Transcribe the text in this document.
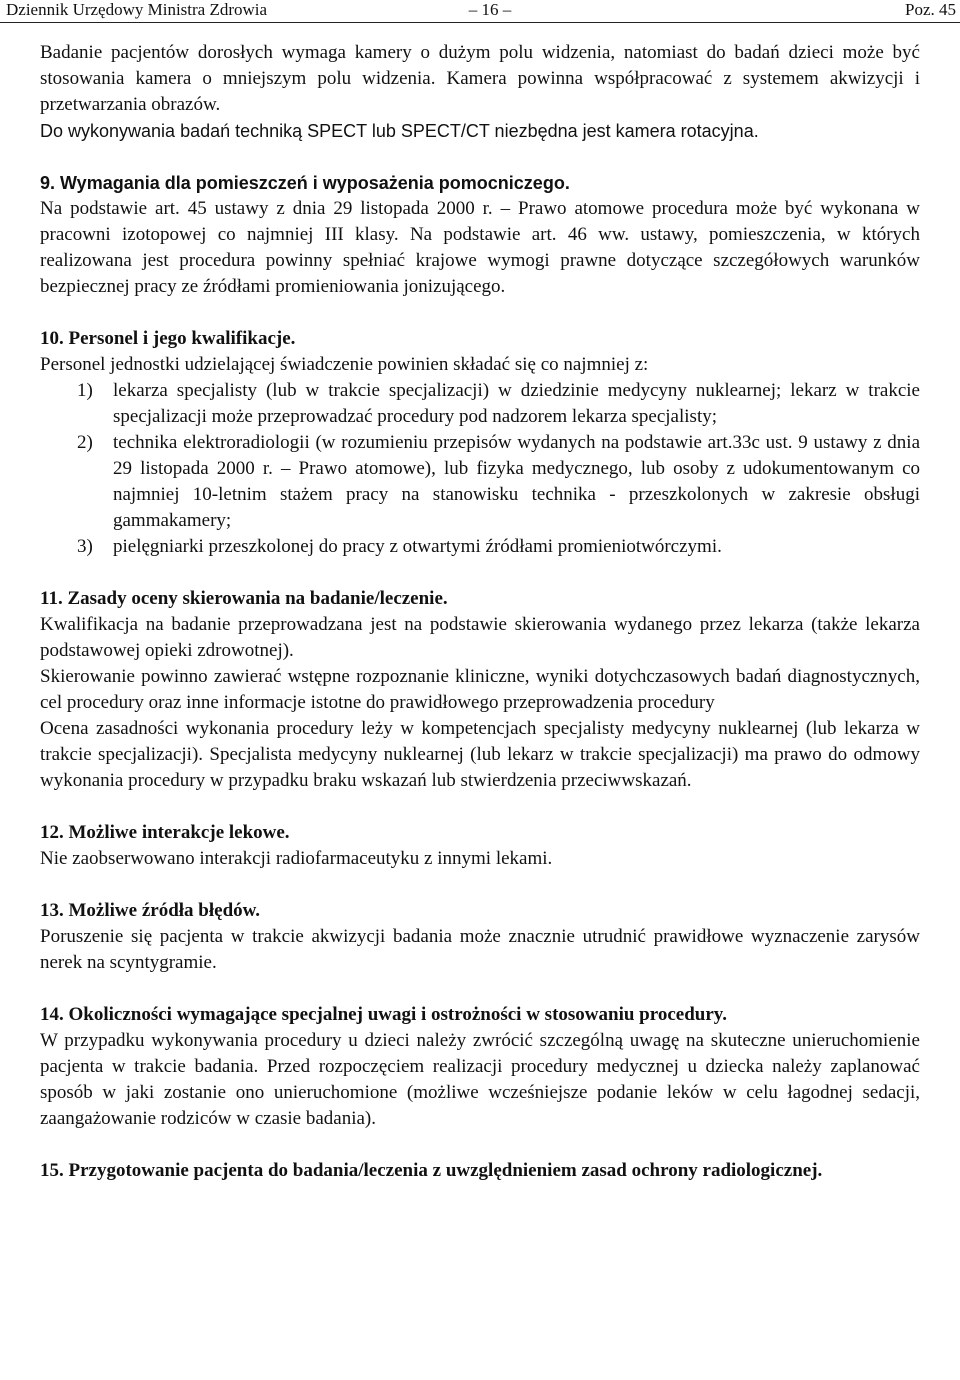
Dziennik Urzędowy Ministra Zdrowia	– 16 –	Poz. 45

Badanie pacjentów dorosłych wymaga kamery o dużym polu widzenia, natomiast do badań dzieci może być stosowania kamera o mniejszym polu widzenia. Kamera powinna współpracować z systemem akwizycji i przetwarzania obrazów.

Do wykonywania badań techniką SPECT lub SPECT/CT niezbędna jest kamera rotacyjna.

9. Wymagania dla pomieszczeń i wyposażenia pomocniczego.

Na podstawie art. 45 ustawy z dnia 29 listopada 2000 r. – Prawo atomowe procedura może być wykonana w pracowni izotopowej co najmniej III klasy. Na podstawie art. 46 ww. ustawy, pomieszczenia, w których realizowana jest procedura powinny spełniać krajowe wymogi prawne dotyczące szczegółowych warunków bezpiecznej pracy ze źródłami promieniowania jonizującego.

10. Personel i jego kwalifikacje.

Personel jednostki udzielającej świadczenie powinien składać się co najmniej z:

1) lekarza specjalisty (lub w trakcie specjalizacji) w dziedzinie medycyny nuklearnej; lekarz w trakcie specjalizacji może przeprowadzać procedury pod nadzorem lekarza specjalisty;
2) technika elektroradiologii (w rozumieniu przepisów wydanych na podstawie art.33c ust. 9 ustawy z dnia 29 listopada 2000 r. – Prawo atomowe), lub fizyka medycznego, lub osoby z udokumentowanym co najmniej 10-letnim stażem pracy na stanowisku technika - przeszkolonych w zakresie obsługi gammakamery;
3) pielęgniarki przeszkolonej do pracy z otwartymi źródłami promieniotwórczymi.

11. Zasady oceny skierowania na badanie/leczenie.

Kwalifikacja na badanie przeprowadzana jest na podstawie skierowania wydanego przez lekarza (także lekarza podstawowej opieki zdrowotnej).

Skierowanie powinno zawierać wstępne rozpoznanie kliniczne, wyniki dotychczasowych badań diagnostycznych, cel procedury oraz inne informacje istotne do prawidłowego przeprowadzenia procedury

Ocena zasadności wykonania procedury leży w kompetencjach specjalisty medycyny nuklearnej (lub lekarza w trakcie specjalizacji). Specjalista medycyny nuklearnej (lub lekarz w trakcie specjalizacji) ma prawo do odmowy wykonania procedury w przypadku braku wskazań lub stwierdzenia przeciwwskazań.

12. Możliwe interakcje lekowe.

Nie zaobserwowano interakcji radiofarmaceutyku z innymi lekami.

13. Możliwe źródła błędów.

Poruszenie się pacjenta w trakcie akwizycji badania może znacznie utrudnić prawidłowe wyznaczenie zarysów nerek na scyntygramie.

14. Okoliczności wymagające specjalnej uwagi i ostrożności w stosowaniu procedury.

W przypadku wykonywania procedury u dzieci należy zwrócić szczególną uwagę na skuteczne unieruchomienie pacjenta w trakcie badania. Przed rozpoczęciem realizacji procedury medycznej u dziecka należy zaplanować sposób w jaki zostanie ono unieruchomione (możliwe wcześniejsze podanie leków w celu łagodnej sedacji, zaangażowanie rodziców w czasie badania).

15. Przygotowanie pacjenta do badania/leczenia z uwzględnieniem zasad ochrony radiologicznej.
